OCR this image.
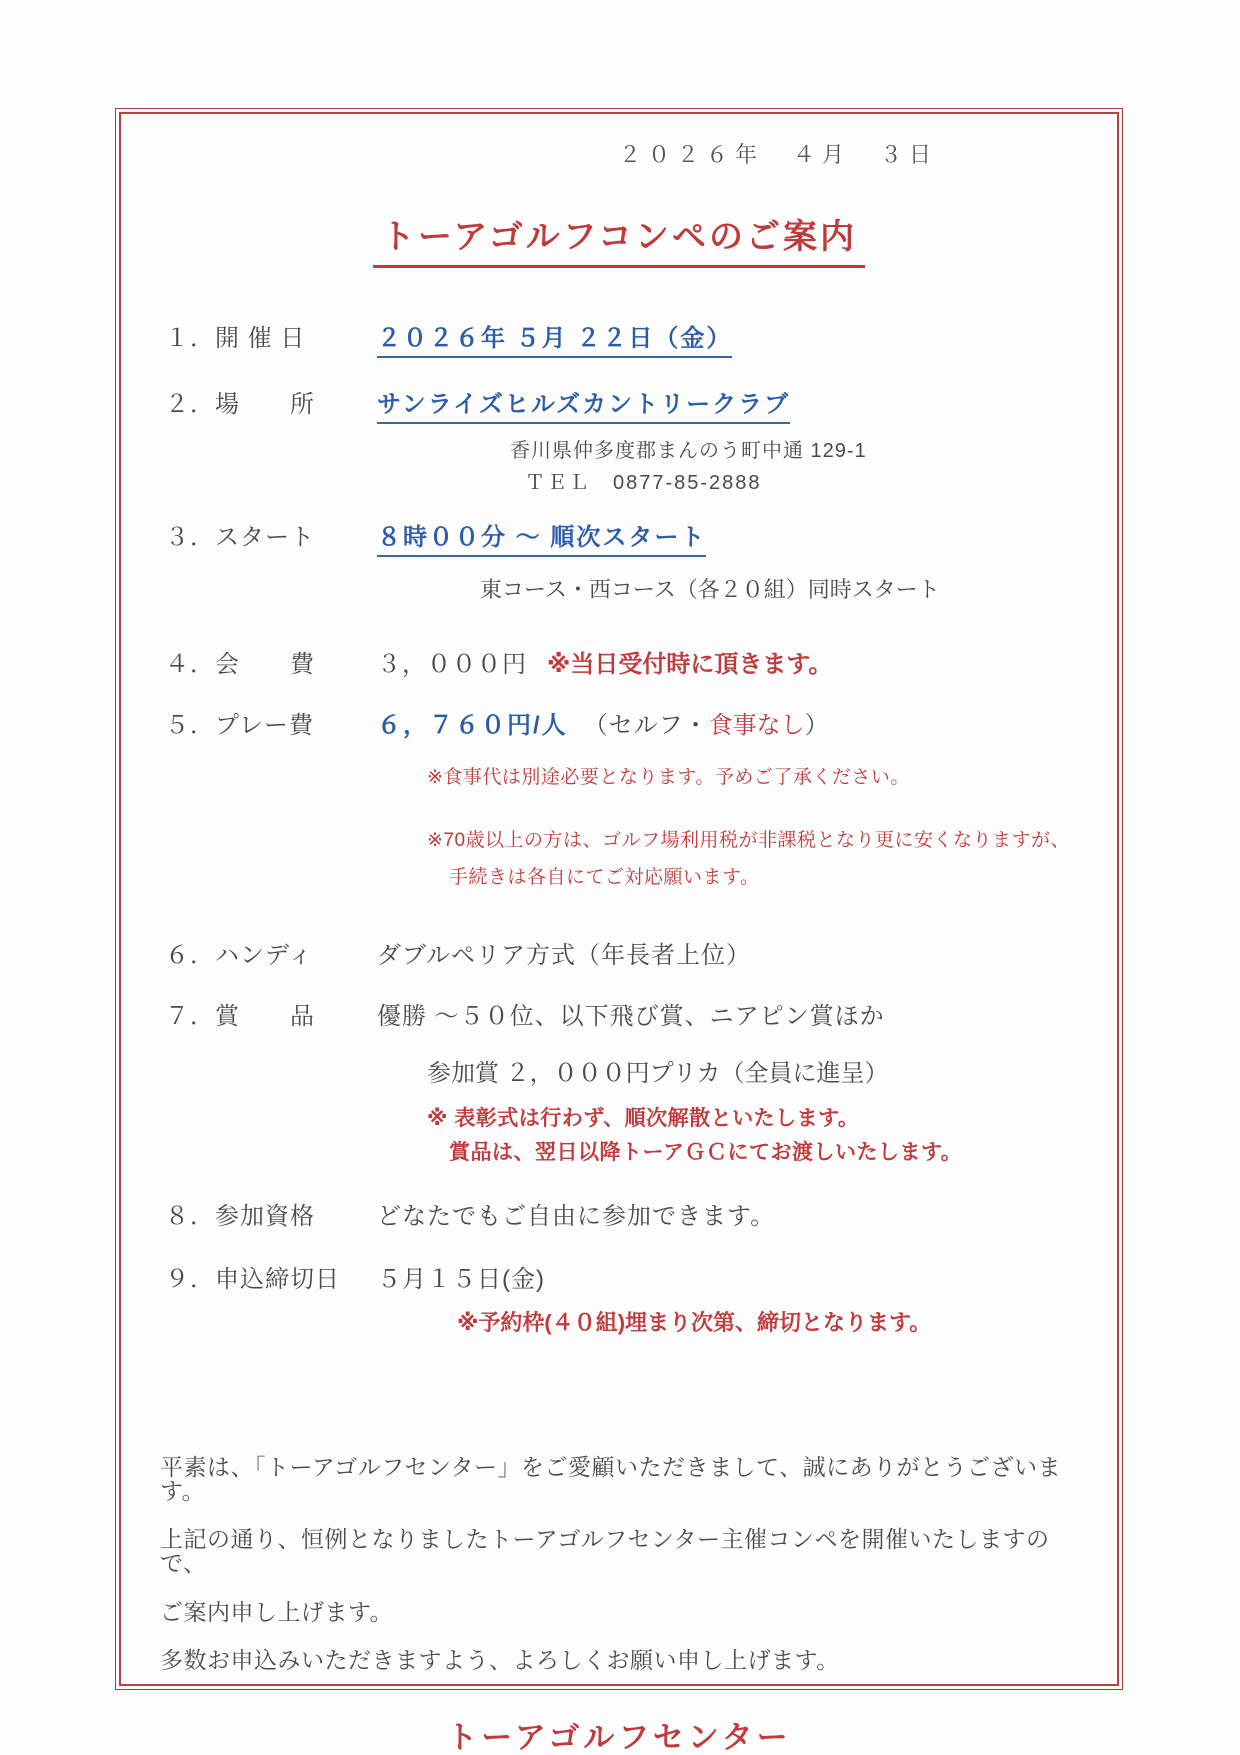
２０２６年　４月　３日
トーアゴルフコンペのご案内
１．開 催 日	２０２６年 ５月 ２２日（金）
２．場　　所	サンライズヒルズカントリークラブ
香川県仲多度郡まんのう町中通 129-1
ＴＥＬ　0877-85-2888
３．スタート	８時００分 ～ 順次スタート
東コース・西コース（各２０組）同時スタート
４．会　　費	３，０００円 ※当日受付時に頂きます。
５．プレー費	６，７６０円/人 （セルフ・ 食事なし ）
※食事代は別途必要となります。予めご了承ください。
※70歳以上の方は、ゴルフ場利用税が非課税となり更に安くなりますが、
手続きは各自にてご対応願います。
６．ハンディ	ダブルペリア方式（年長者上位）
７．賞　　品	優勝 ～５０位、以下飛び賞、ニアピン賞ほか
参加賞 ２，０００円プリカ（全員に進呈）
※ 表彰式は行わず、順次解散といたします。
賞品は、翌日以降トーアＧＣにてお渡しいたします。
８．参加資格	どなたでもご自由に参加できます。
９．申込締切日	５月１５日(金)
※予約枠(４０組)埋まり次第、締切となります。
平素は、「トーアゴルフセンター」をご愛顧いただきまして、誠にありがとうございます。
上記の通り、恒例となりましたトーアゴルフセンター主催コンペを開催いたしますので、
ご案内申し上げます。
多数お申込みいただきますよう、よろしくお願い申し上げます。
トーアゴルフセンター
